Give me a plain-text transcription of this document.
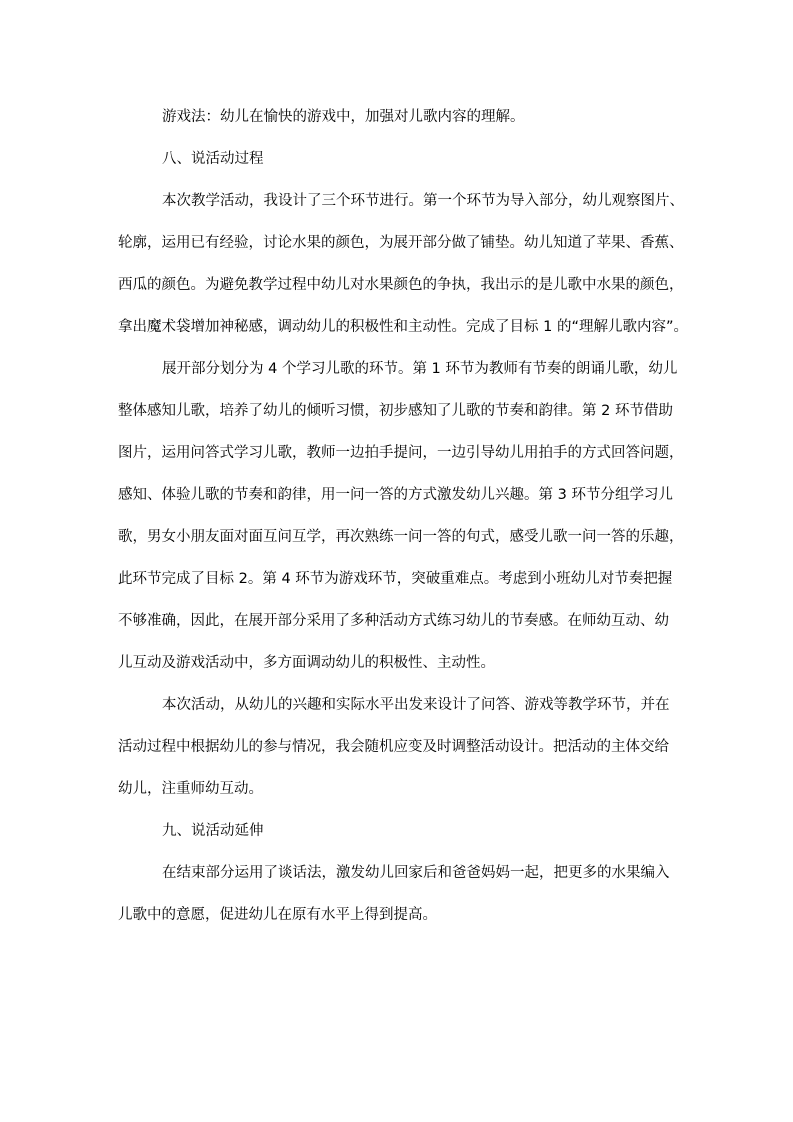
游戏法：幼儿在愉快的游戏中，加强对儿歌内容的理解。
八、说活动过程
本次教学活动，我设计了三个环节进行。第一个环节为导入部分，幼儿观察图片、
轮廓，运用已有经验，讨论水果的颜色，为展开部分做了铺垫。幼儿知道了苹果、香蕉、
西瓜的颜色。为避免教学过程中幼儿对水果颜色的争执，我出示的是儿歌中水果的颜色，
拿出魔术袋增加神秘感，调动幼儿的积极性和主动性。完成了目标 1 的“理解儿歌内容”。
展开部分划分为 4 个学习儿歌的环节。第 1 环节为教师有节奏的朗诵儿歌，幼儿
整体感知儿歌，培养了幼儿的倾听习惯，初步感知了儿歌的节奏和韵律。第 2 环节借助
图片，运用问答式学习儿歌，教师一边拍手提问，一边引导幼儿用拍手的方式回答问题，
感知、体验儿歌的节奏和韵律，用一问一答的方式激发幼儿兴趣。第 3 环节分组学习儿
歌，男女小朋友面对面互问互学，再次熟练一问一答的句式，感受儿歌一问一答的乐趣，
此环节完成了目标 2。第 4 环节为游戏环节，突破重难点。考虑到小班幼儿对节奏把握
不够准确，因此，在展开部分采用了多种活动方式练习幼儿的节奏感。在师幼互动、幼
儿互动及游戏活动中，多方面调动幼儿的积极性、主动性。
本次活动，从幼儿的兴趣和实际水平出发来设计了问答、游戏等教学环节，并在
活动过程中根据幼儿的参与情况，我会随机应变及时调整活动设计。把活动的主体交给
幼儿，注重师幼互动。
九、说活动延伸
在结束部分运用了谈话法，激发幼儿回家后和爸爸妈妈一起，把更多的水果编入
儿歌中的意愿，促进幼儿在原有水平上得到提高。
